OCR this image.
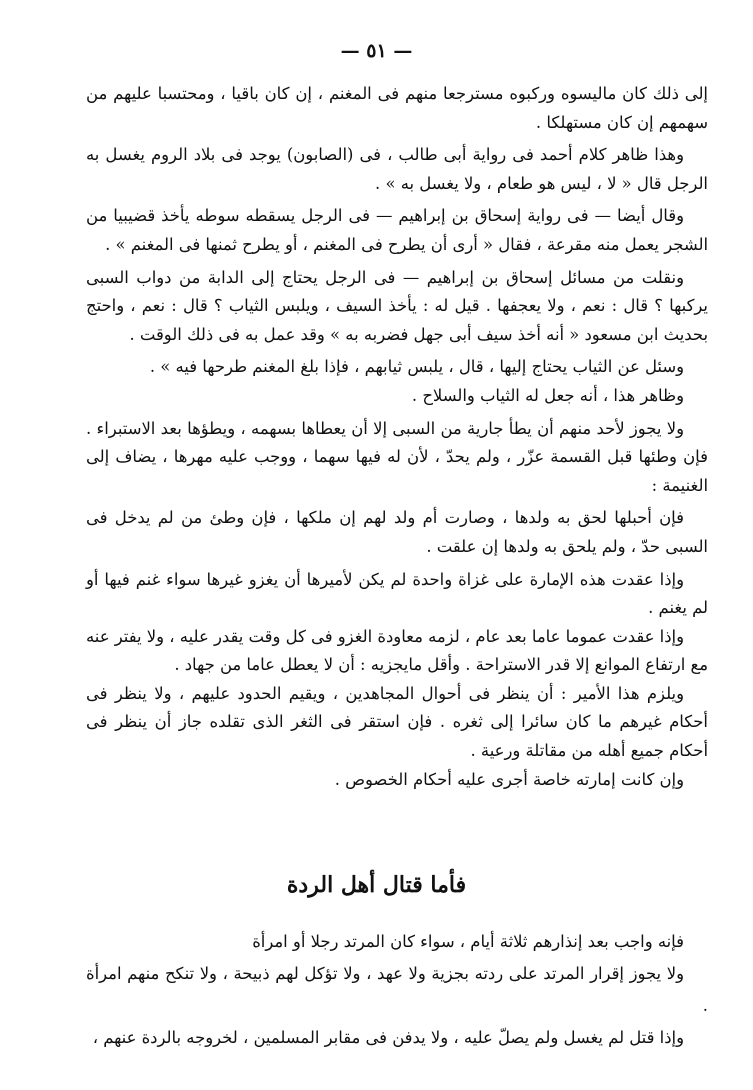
— ٥١ —

إلى ذلك كان ماليسوه وركبوه مسترجعا منهم فى المغنم ، إن كان باقيا ، ومحتسبا عليهم من سهمهم إن كان مستهلكا .

وهذا ظاهر كلام أحمد فى رواية أبى طالب ، فى (الصابون) يوجد فى بلاد الروم يغسل به الرجل قال « لا ، ليس هو طعام ، ولا يغسل به » .

وقال أيضا — فى رواية إسحاق بن إبراهيم — فى الرجل يسقطه سوطه يأخذ قضيبيا من الشجر يعمل منه مقرعة ، فقال « أرى أن يطرح فى المغنم ، أو يطرح ثمنها فى المغنم » .

ونقلت من مسائل إسحاق بن إبراهيم — فى الرجل يحتاج إلى الدابة من دواب السبى يركبها ؟ قال : نعم ، ولا يعجفها . قيل له : يأخذ السيف ، ويلبس الثياب ؟ قال : نعم ، واحتج بحديث ابن مسعود « أنه أخذ سيف أبى جهل فضربه به » وقد عمل به فى ذلك الوقت .

وسئل عن الثياب يحتاج إليها ، قال ، يلبس ثيابهم ، فإذا بلغ المغنم طرحها فيه » .

وظاهر هذا ، أنه جعل له الثياب والسلاح .

ولا يجوز لأحد منهم أن يطأ جارية من السبى إلا أن يعطاها بسهمه ، ويطؤها بعد الاستبراء . فإن وطئها قبل القسمة عزّر ، ولم يحدّ ، لأن له فيها سهما ، ووجب عليه مهرها ، يضاف إلى الغنيمة :

فإن أحبلها لحق به ولدها ، وصارت أم ولد لهم إن ملكها ، فإن وطئ من لم يدخل فى السبى حدّ ، ولم يلحق به ولدها إن علقت .

وإذا عقدت هذه الإمارة على غزاة واحدة لم يكن لأميرها أن يغزو غيرها سواء غنم فيها أو لم يغنم .

وإذا عقدت عموما عاما بعد عام ، لزمه معاودة الغزو فى كل وقت يقدر عليه ، ولا يفتر عنه مع ارتفاع الموانع إلا قدر الاستراحة . وأقل مايجزيه : أن لا يعطل عاما من جهاد .

ويلزم هذا الأمير : أن ينظر فى أحوال المجاهدين ، ويقيم الحدود عليهم ، ولا ينظر فى أحكام غيرهم ما كان سائرا إلى ثغره . فإن استقر فى الثغر الذى تقلده جاز أن ينظر فى أحكام جميع أهله من مقاتلة ورعية .

وإن كانت إمارته خاصة أجرى عليه أحكام الخصوص .

فأما قتال أهل الردة

فإنه واجب بعد إنذارهم ثلاثة أيام ، سواء كان المرتد رجلا أو امرأة

ولا يجوز إقرار المرتد على ردته بجزية ولا عهد ، ولا تؤكل لهم ذبيحة ، ولا تنكح منهم امرأة .

وإذا قتل لم يغسل ولم يصلّ عليه ، ولا يدفن فى مقابر المسلمين ، لخروجه بالردة عنهم ،
